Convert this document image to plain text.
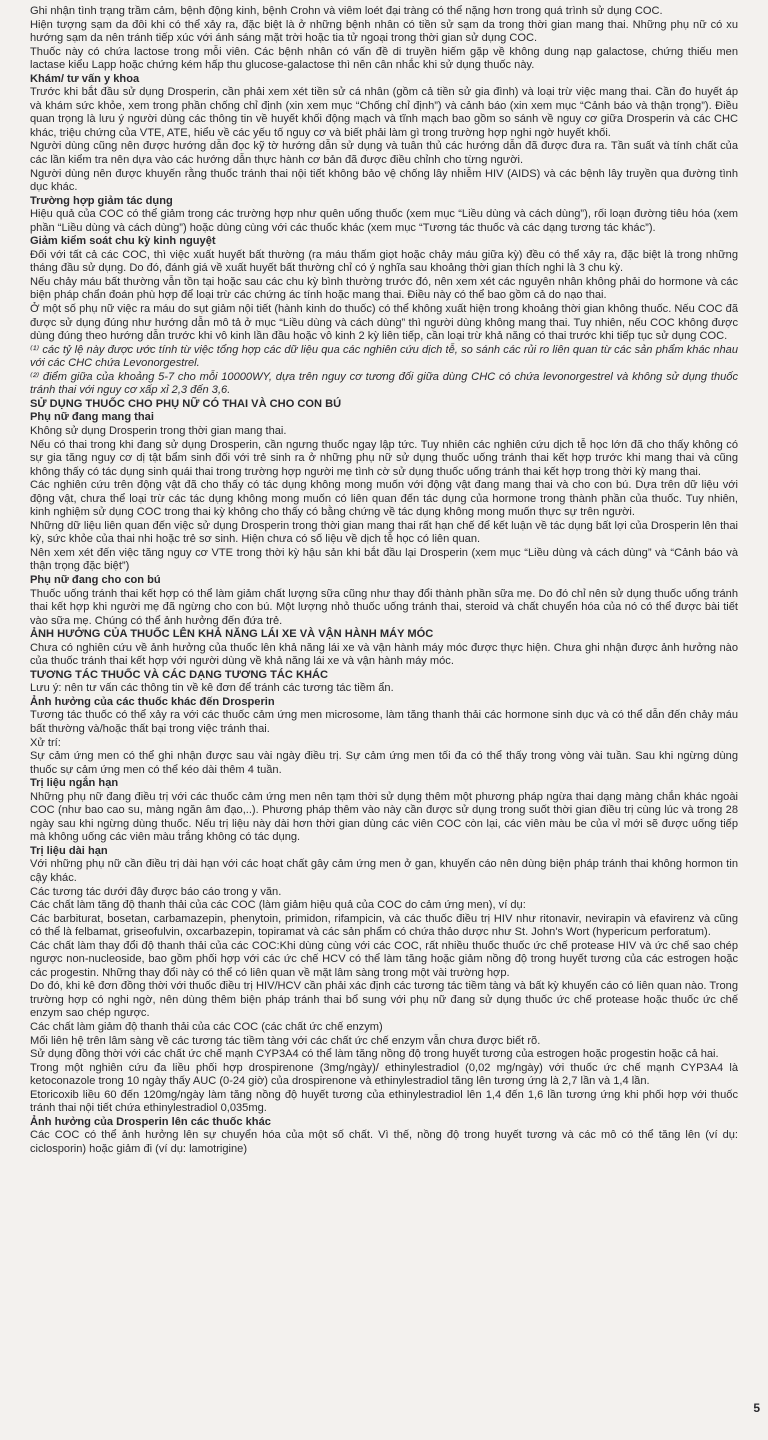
Ghi nhận tình trạng trầm cảm, bệnh động kinh, bệnh Crohn và viêm loét đại tràng có thể nặng hơn trong quá trình sử dụng COC.

Hiện tượng sạm da đôi khi có thể xảy ra, đặc biệt là ở những bệnh nhân có tiền sử sạm da trong thời gian mang thai. Những phụ nữ có xu hướng sạm da nên tránh tiếp xúc với ánh sáng mặt trời hoặc tia tử ngoại trong thời gian sử dụng COC.

Thuốc này có chứa lactose trong mỗi viên. Các bệnh nhân có vấn đề di truyền hiếm gặp về không dung nạp galactose, chứng thiếu men lactase kiểu Lapp hoặc chứng kém hấp thu glucose-galactose thì nên cân nhắc khi sử dụng thuốc này.

Khám/ tư vấn y khoa

Trước khi bắt đầu sử dụng Drosperin, cần phải xem xét tiền sử cá nhân (gồm cả tiền sử gia đình) và loại trừ việc mang thai. Cần đo huyết áp và khám sức khỏe, xem trong phần chống chỉ định (xin xem mục “Chống chỉ định”) và cảnh báo (xin xem mục “Cảnh báo và thận trọng”). Điều quan trọng là lưu ý người dùng các thông tin về huyết khối động mạch và tĩnh mạch bao gồm so sánh về nguy cơ giữa Drosperin và các CHC khác, triệu chứng của VTE, ATE, hiểu về các yếu tố nguy cơ và biết phải làm gì trong trường hợp nghi ngờ huyết khối.

Người dùng cũng nên được hướng dẫn đọc kỹ tờ hướng dẫn sử dụng và tuân thủ các hướng dẫn đã được đưa ra. Tần suất và tính chất của các lần kiểm tra nên dựa vào các hướng dẫn thực hành cơ bản đã được điều chỉnh cho từng người.

Người dùng nên được khuyến rằng thuốc tránh thai nội tiết không bảo vệ chống lây nhiễm HIV (AIDS) và các bệnh lây truyền qua đường tình dục khác.

Trường hợp giảm tác dụng

Hiệu quả của COC có thể giảm trong các trường hợp như quên uống thuốc (xem mục “Liều dùng và cách dùng”), rối loạn đường tiêu hóa (xem phần “Liều dùng và cách dùng”) hoặc dùng cùng với các thuốc khác (xem mục “Tương tác thuốc và các dạng tương tác khác”).

Giảm kiểm soát chu kỳ kinh nguyệt

Đối với tất cả các COC, thì việc xuất huyết bất thường (ra máu thấm giọt hoặc chảy máu giữa kỳ) đều có thể xảy ra, đặc biệt là trong những tháng đầu sử dụng. Do đó, đánh giá về xuất huyết bất thường chỉ có ý nghĩa sau khoảng thời gian thích nghi là 3 chu kỳ.

Nếu chảy máu bất thường vẫn tồn tại hoặc sau các chu kỳ bình thường trước đó, nên xem xét các nguyên nhân không phải do hormone và các biện pháp chẩn đoán phù hợp để loại trừ các chứng ác tính hoặc mang thai. Điều này có thể bao gồm cả do nạo thai.

Ở một số phụ nữ việc ra máu do sụt giảm nội tiết (hành kinh do thuốc) có thể không xuất hiện trong khoảng thời gian không thuốc. Nếu COC đã được sử dụng đúng như hướng dẫn mô tả ở mục “Liều dùng và cách dùng” thì người dùng không mang thai. Tuy nhiên, nếu COC không được dùng đúng theo hướng dẫn trước khi vô kinh lần đầu hoặc vô kinh 2 kỳ liên tiếp, cần loại trừ khả năng có thai trước khi tiếp tục sử dụng COC.

⁽¹⁾ các tỷ lệ này được ước tính từ việc tổng hợp các dữ liệu qua các nghiên cứu dịch tễ, so sánh các rủi ro liên quan từ các sản phẩm khác nhau với các CHC chứa Levonorgestrel.

⁽²⁾ điểm giữa của khoảng 5-7 cho mỗi 10000WY, dựa trên nguy cơ tương đối giữa dùng CHC có chứa levonorgestrel và không sử dụng thuốc tránh thai với nguy cơ xấp xỉ 2,3 đến 3,6.

SỬ DỤNG THUỐC CHO PHỤ NỮ CÓ THAI VÀ CHO CON BÚ

Phụ nữ đang mang thai

Không sử dụng Drosperin trong thời gian mang thai.

Nếu có thai trong khi đang sử dụng Drosperin, cần ngưng thuốc ngay lập tức. Tuy nhiên các nghiên cứu dịch tễ học lớn đã cho thấy không có sự gia tăng nguy cơ dị tật bẩm sinh đối với trẻ sinh ra ở những phụ nữ sử dụng thuốc uống tránh thai kết hợp trước khi mang thai và cũng không thấy có tác dụng sinh quái thai trong trường hợp người mẹ tình cờ sử dụng thuốc uống tránh thai kết hợp trong thời kỳ mang thai.

Các nghiên cứu trên động vật đã cho thấy có tác dụng không mong muốn với động vật đang mang thai và cho con bú. Dựa trên dữ liệu với động vật, chưa thể loại trừ các tác dụng không mong muốn có liên quan đến tác dụng của hormone trong thành phần của thuốc. Tuy nhiên, kinh nghiệm sử dụng COC trong thai kỳ không cho thấy có bằng chứng về tác dụng không mong muốn thực sự trên người.

Những dữ liệu liên quan đến việc sử dụng Drosperin trong thời gian mang thai rất hạn chế để kết luận về tác dụng bất lợi của Drosperin lên thai kỳ, sức khỏe của thai nhi hoặc trẻ sơ sinh. Hiện chưa có số liệu về dịch tễ học có liên quan.

Nên xem xét đến việc tăng nguy cơ VTE trong thời kỳ hậu sản khi bắt đầu lại Drosperin (xem mục “Liều dùng và cách dùng” và “Cảnh báo và thận trọng đặc biệt”)

Phụ nữ đang cho con bú

Thuốc uống tránh thai kết hợp có thể làm giảm chất lượng sữa cũng như thay đổi thành phần sữa mẹ. Do đó chỉ nên sử dụng thuốc uống tránh thai kết hợp khi người mẹ đã ngừng cho con bú. Một lượng nhỏ thuốc uống tránh thai, steroid và chất chuyển hóa của nó có thể được bài tiết vào sữa mẹ. Chúng có thể ảnh hưởng đến đứa trẻ.

ẢNH HƯỞNG CỦA THUỐC LÊN KHẢ NĂNG LÁI XE VÀ VẬN HÀNH MÁY MÓC

Chưa có nghiên cứu về ảnh hưởng của thuốc lên khả năng lái xe và vận hành máy móc được thực hiện. Chưa ghi nhận được ảnh hưởng nào của thuốc tránh thai kết hợp với người dùng về khả năng lái xe và vận hành máy móc.

TƯƠNG TÁC THUỐC VÀ CÁC DẠNG TƯƠNG TÁC KHÁC

Lưu ý: nên tư vấn các thông tin về kê đơn để tránh các tương tác tiềm ẩn.

Ảnh hưởng của các thuốc khác đến Drosperin

Tương tác thuốc có thể xảy ra với các thuốc cảm ứng men microsome, làm tăng thanh thải các hormone sinh dục và có thể dẫn đến chảy máu bất thường và/hoặc thất bại trong việc tránh thai.

Xử trí:

Sự cảm ứng men có thể ghi nhận được sau vài ngày điều trị. Sự cảm ứng men tối đa có thể thấy trong vòng vài tuần. Sau khi ngừng dùng thuốc sự cảm ứng men có thể kéo dài thêm 4 tuần.

Trị liệu ngắn hạn

Những phụ nữ đang điều trị với các thuốc cảm ứng men nên tạm thời sử dụng thêm một phương pháp ngừa thai dạng màng chắn khác ngoài COC (như bao cao su, màng ngăn âm đạo,..). Phương pháp thêm vào này cần được sử dụng trong suốt thời gian điều trị cùng lúc và trong 28 ngày sau khi ngừng dùng thuốc. Nếu trị liệu này dài hơn thời gian dùng các viên COC còn lại, các viên màu be của vỉ mới sẽ được uống tiếp mà không uống các viên màu trắng không có tác dụng.

Trị liệu dài hạn

Với những phụ nữ cần điều trị dài hạn với các hoạt chất gây cảm ứng men ở gan, khuyến cáo nên dùng biện pháp tránh thai không hormon tin cậy khác.

Các tương tác dưới đây được báo cáo trong y văn.

Các chất làm tăng độ thanh thải của các COC (làm giảm hiệu quả của COC do cảm ứng men), ví dụ:

Các barbiturat, bosetan, carbamazepin, phenytoin, primidon, rifampicin, và các thuốc điều trị HIV như ritonavir, nevirapin và efavirenz và cũng có thể là felbamat, griseofulvin, oxcarbazepin, topiramat và các sản phẩm có chứa thảo dược như St. John's Wort (hypericum perforatum).

Các chất làm thay đổi độ thanh thải của các COC:Khi dùng cùng với các COC, rất nhiều thuốc thuốc ức chế protease HIV và ức chế sao chép ngược non-nucleoside, bao gồm phối hợp với các ức chế HCV có thể làm tăng hoặc giảm nồng độ trong huyết tương của các estrogen hoặc các progestin. Những thay đổi này có thể có liên quan về mặt lâm sàng trong một vài trường hợp.

Do đó, khi kê đơn đồng thời với thuốc điều trị HIV/HCV cần phải xác định các tương tác tiềm tàng và bất kỳ khuyến cáo có liên quan nào. Trong trường hợp có nghi ngờ, nên dùng thêm biện pháp tránh thai bổ sung với phụ nữ đang sử dụng thuốc ức chế protease hoặc thuốc ức chế enzym sao chép ngược.

Các chất làm giảm độ thanh thải của các COC (các chất ức chế enzym)

Mối liên hệ trên lâm sàng về các tương tác tiềm tàng với các chất ức chế enzym vẫn chưa được biết rõ.

Sử dụng đồng thời với các chất ức chế mạnh CYP3A4 có thể làm tăng nồng độ trong huyết tương của estrogen hoặc progestin hoặc cả hai.

Trong một nghiên cứu đa liều phối hợp drospirenone (3mg/ngày)/ ethinylestradiol (0,02 mg/ngày) với thuốc ức chế mạnh CYP3A4 là ketoconazole trong 10 ngày thấy AUC (0-24 giờ) của drospirenone và ethinylestradiol tăng lên tương ứng là 2,7 lần và 1,4 lần.

Etoricoxib liều 60 đến 120mg/ngày làm tăng nồng độ huyết tương của ethinylestradiol lên 1,4 đến 1,6 lần tương ứng khi phối hợp với thuốc tránh thai nội tiết chứa ethinylestradiol 0,035mg.

Ảnh hưởng của Drosperin lên các thuốc khác

Các COC có thể ảnh hưởng lên sự chuyển hóa của một số chất. Vì thế, nồng độ trong huyết tương và các mô có thể tăng lên (ví dụ: ciclosporin) hoặc giảm đi (ví dụ: lamotrigine)

5
